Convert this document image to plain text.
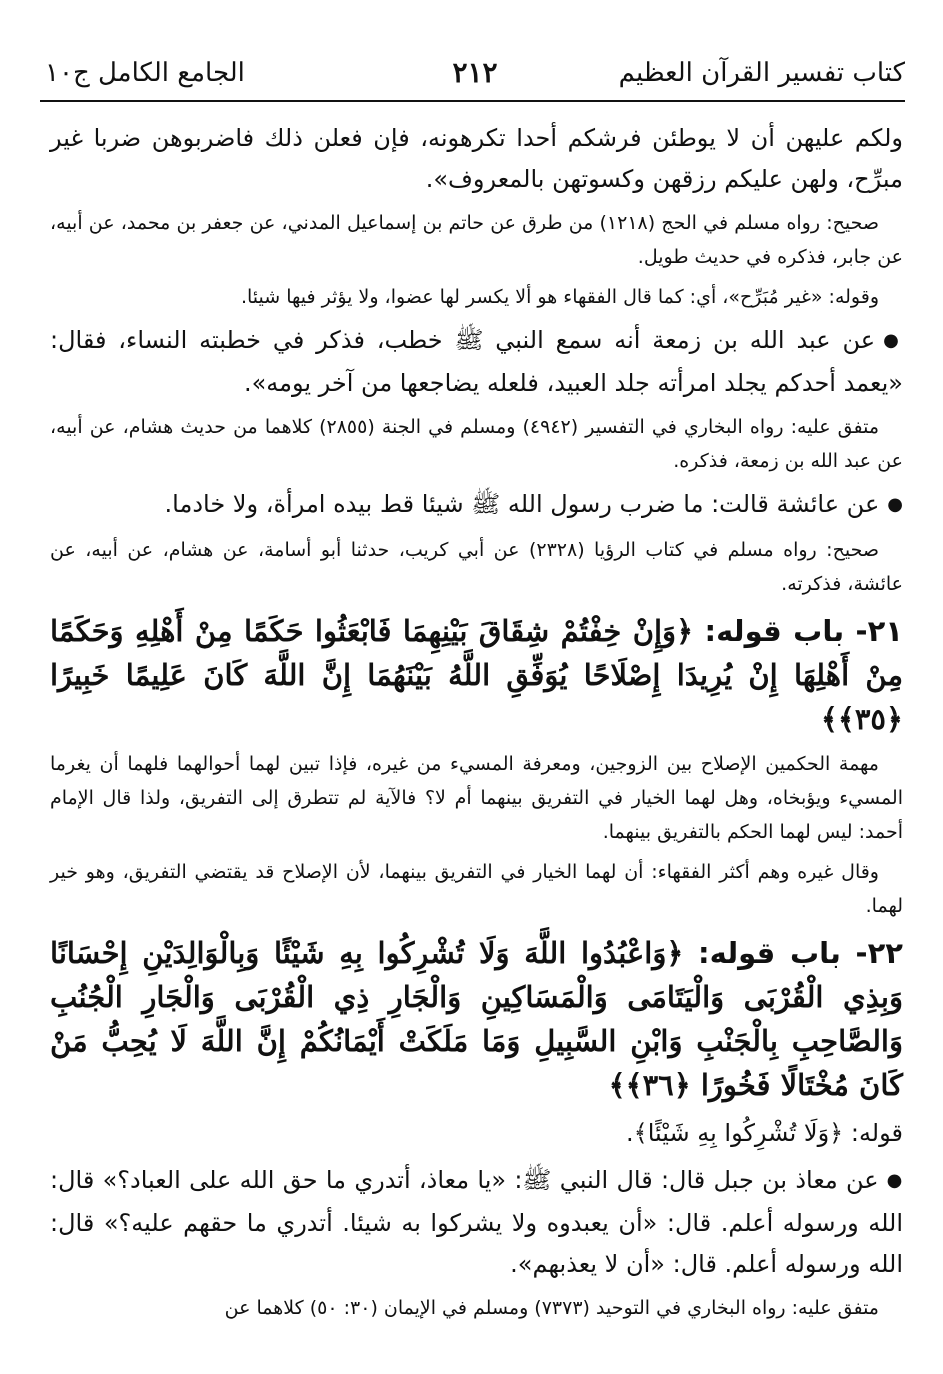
كتاب تفسير القرآن العظيم
٢١٢
الجامع الكامل ج١٠

ولكم عليهن أن لا يوطئن فرشكم أحدا تكرهونه، فإن فعلن ذلك فاضربوهن ضربا غير مبرِّح، ولهن عليكم رزقهن وكسوتهن بالمعروف».

صحيح: رواه مسلم في الحج (١٢١٨) من طرق عن حاتم بن إسماعيل المدني، عن جعفر بن محمد، عن أبيه، عن جابر، فذكره في حديث طويل.

وقوله: «غير مُبَرِّح»، أي: كما قال الفقهاء هو ألا يكسر لها عضوا، ولا يؤثر فيها شيئا.

● عن عبد الله بن زمعة أنه سمع النبي ﷺ خطب، فذكر في خطبته النساء، فقال: «يعمد أحدكم يجلد امرأته جلد العبيد، فلعله يضاجعها من آخر يومه».

متفق عليه: رواه البخاري في التفسير (٤٩٤٢) ومسلم في الجنة (٢٨٥٥) كلاهما من حديث هشام، عن أبيه، عن عبد الله بن زمعة، فذكره.

● عن عائشة قالت: ما ضرب رسول الله ﷺ شيئا قط بيده امرأة، ولا خادما.

صحيح: رواه مسلم في كتاب الرؤيا (٢٣٢٨) عن أبي كريب، حدثنا أبو أسامة، عن هشام، عن أبيه، عن عائشة، فذكرته.

٢١- باب قوله: ﴿وَإِنْ خِفْتُمْ شِقَاقَ بَيْنِهِمَا فَابْعَثُوا حَكَمًا مِنْ أَهْلِهِ وَحَكَمًا مِنْ أَهْلِهَا إِنْ يُرِيدَا إِصْلَاحًا يُوَفِّقِ اللَّهُ بَيْنَهُمَا إِنَّ اللَّهَ كَانَ عَلِيمًا خَبِيرًا ﴿٣٥﴾﴾

مهمة الحكمين الإصلاح بين الزوجين، ومعرفة المسيء من غيره، فإذا تبين لهما أحوالهما فلهما أن يغرما المسيء ويؤبخاه، وهل لهما الخيار في التفريق بينهما أم لا؟ فالآية لم تتطرق إلى التفريق، ولذا قال الإمام أحمد: ليس لهما الحكم بالتفريق بينهما.

وقال غيره وهم أكثر الفقهاء: أن لهما الخيار في التفريق بينهما، لأن الإصلاح قد يقتضي التفريق، وهو خير لهما.

٢٢- باب قوله: ﴿وَاعْبُدُوا اللَّهَ وَلَا تُشْرِكُوا بِهِ شَيْئًا وَبِالْوَالِدَيْنِ إِحْسَانًا وَبِذِي الْقُرْبَى وَالْيَتَامَى وَالْمَسَاكِينِ وَالْجَارِ ذِي الْقُرْبَى وَالْجَارِ الْجُنُبِ وَالصَّاحِبِ بِالْجَنْبِ وَابْنِ السَّبِيلِ وَمَا مَلَكَتْ أَيْمَانُكُمْ إِنَّ اللَّهَ لَا يُحِبُّ مَنْ كَانَ مُخْتَالًا فَخُورًا ﴿٣٦﴾﴾

قوله: ﴿وَلَا تُشْرِكُوا بِهِ شَيْئًا﴾.

● عن معاذ بن جبل قال: قال النبي ﷺ: «يا معاذ، أتدري ما حق الله على العباد؟» قال: الله ورسوله أعلم. قال: «أن يعبدوه ولا يشركوا به شيئا. أتدري ما حقهم عليه؟» قال: الله ورسوله أعلم. قال: «أن لا يعذبهم».

متفق عليه: رواه البخاري في التوحيد (٧٣٧٣) ومسلم في الإيمان (٣٠: ٥٠) كلاهما عن
